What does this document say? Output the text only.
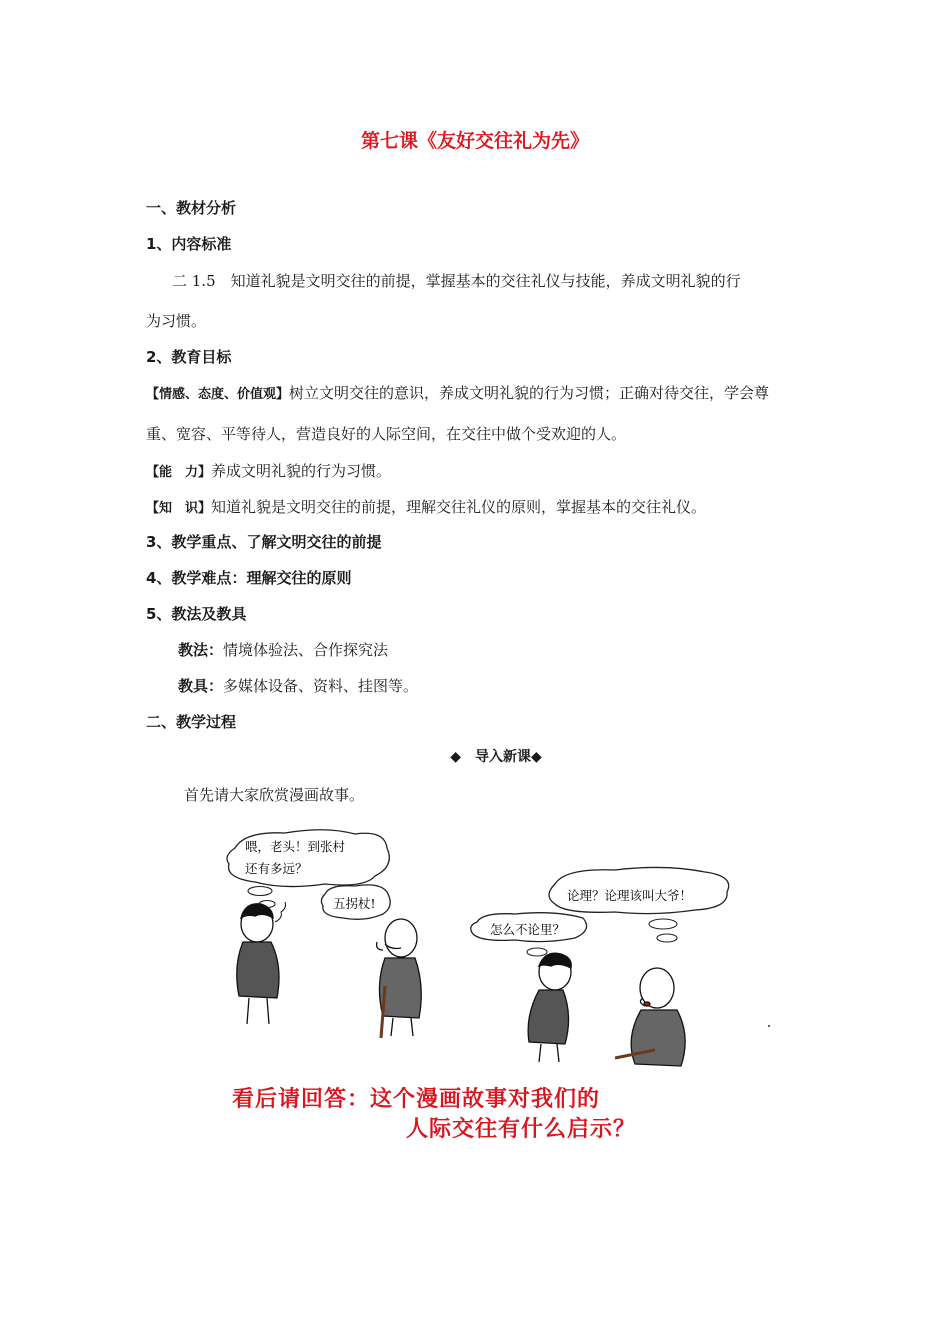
第七课《友好交往礼为先》
一、教材分析
1、内容标准
二 1.5　知道礼貌是文明交往的前提，掌握基本的交往礼仪与技能，养成文明礼貌的行
为习惯。
2、教育目标
【情感、态度、价值观】树立文明交往的意识，养成文明礼貌的行为习惯；正确对待交往，学会尊
重、宽容、平等待人，营造良好的人际空间，在交往中做个受欢迎的人。
【能　力】养成文明礼貌的行为习惯。
【知　识】知道礼貌是文明交往的前提，理解交往礼仪的原则，掌握基本的交往礼仪。
3、教学重点、了解文明交往的前提
4、教学难点：理解交往的原则
5、教法及教具
教法：情境体验法、合作探究法
教具：多媒体设备、资料、挂图等。
二、教学过程
◆　导入新课◆
首先请大家欣赏漫画故事。
喂，老头！到张村
还有多远？
五拐杖!
论理？论理该叫大爷！
怎么不论里？
看后请回答：这个漫画故事对我们的
人际交往有什么启示？
